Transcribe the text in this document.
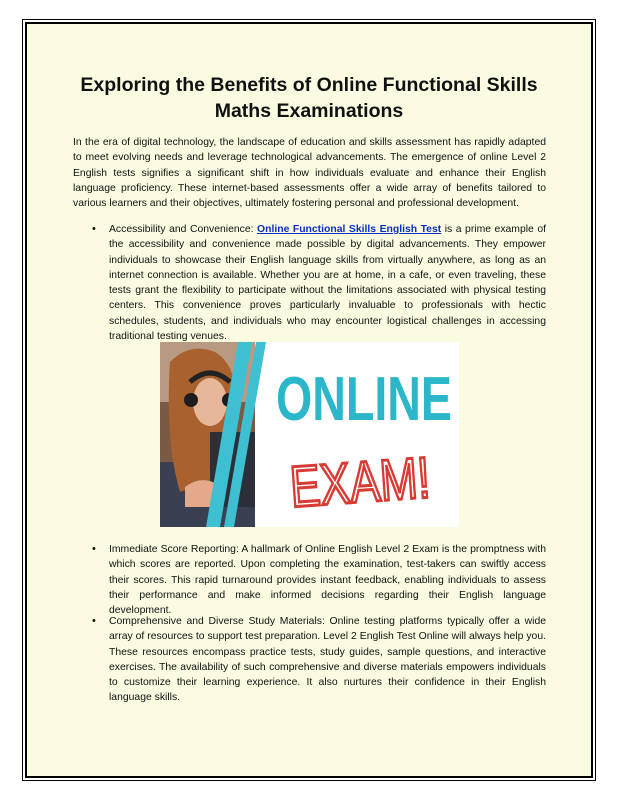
Exploring the Benefits of Online Functional Skills Maths Examinations

In the era of digital technology, the landscape of education and skills assessment has rapidly adapted to meet evolving needs and leverage technological advancements. The emergence of online Level 2 English tests signifies a significant shift in how individuals evaluate and enhance their English language proficiency. These internet-based assessments offer a wide array of benefits tailored to various learners and their objectives, ultimately fostering personal and professional development.

• Accessibility and Convenience: Online Functional Skills English Test is a prime example of the accessibility and convenience made possible by digital advancements. They empower individuals to showcase their English language skills from virtually anywhere, as long as an internet connection is available. Whether you are at home, in a cafe, or even traveling, these tests grant the flexibility to participate without the limitations associated with physical testing centers. This convenience proves particularly invaluable to professionals with hectic schedules, students, and individuals who may encounter logistical challenges in accessing traditional testing venues.
ONLINE
EXAM!
• Immediate Score Reporting: A hallmark of Online English Level 2 Exam is the promptness with which scores are reported. Upon completing the examination, test-takers can swiftly access their scores. This rapid turnaround provides instant feedback, enabling individuals to assess their performance and make informed decisions regarding their English language development.
• Comprehensive and Diverse Study Materials: Online testing platforms typically offer a wide array of resources to support test preparation. Level 2 English Test Online will always help you. These resources encompass practice tests, study guides, sample questions, and interactive exercises. The availability of such comprehensive and diverse materials empowers individuals to customize their learning experience. It also nurtures their confidence in their English language skills.
